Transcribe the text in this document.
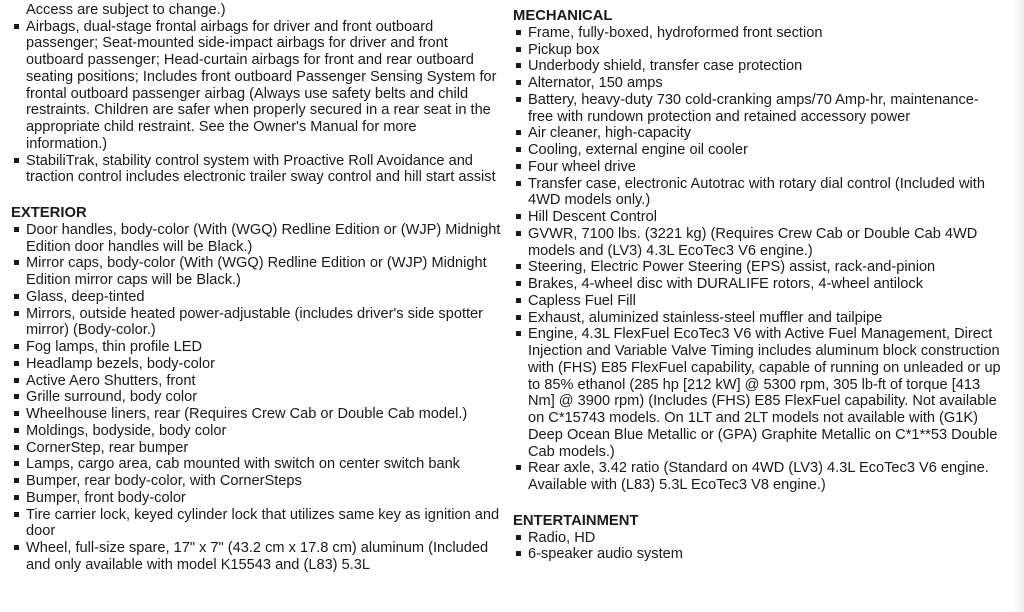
Access are subject to change.)
Airbags, dual-stage frontal airbags for driver and front outboard passenger; Seat-mounted side-impact airbags for driver and front outboard passenger; Head-curtain airbags for front and rear outboard seating positions; Includes front outboard Passenger Sensing System for frontal outboard passenger airbag (Always use safety belts and child restraints. Children are safer when properly secured in a rear seat in the appropriate child restraint. See the Owner's Manual for more information.)
StabiliTrak, stability control system with Proactive Roll Avoidance and traction control includes electronic trailer sway control and hill start assist
EXTERIOR
Door handles, body-color (With (WGQ) Redline Edition or (WJP) Midnight Edition door handles will be Black.)
Mirror caps, body-color (With (WGQ) Redline Edition or (WJP) Midnight Edition mirror caps will be Black.)
Glass, deep-tinted
Mirrors, outside heated power-adjustable (includes driver's side spotter mirror) (Body-color.)
Fog lamps, thin profile LED
Headlamp bezels, body-color
Active Aero Shutters, front
Grille surround, body color
Wheelhouse liners, rear (Requires Crew Cab or Double Cab model.)
Moldings, bodyside, body color
CornerStep, rear bumper
Lamps, cargo area, cab mounted with switch on center switch bank
Bumper, rear body-color, with CornerSteps
Bumper, front body-color
Tire carrier lock, keyed cylinder lock that utilizes same key as ignition and door
Wheel, full-size spare, 17" x 7" (43.2 cm x 17.8 cm) aluminum (Included and only available with model K15543 and (L83) 5.3L
MECHANICAL
Frame, fully-boxed, hydroformed front section
Pickup box
Underbody shield, transfer case protection
Alternator, 150 amps
Battery, heavy-duty 730 cold-cranking amps/70 Amp-hr, maintenance-free with rundown protection and retained accessory power
Air cleaner, high-capacity
Cooling, external engine oil cooler
Four wheel drive
Transfer case, electronic Autotrac with rotary dial control (Included with 4WD models only.)
Hill Descent Control
GVWR, 7100 lbs. (3221 kg) (Requires Crew Cab or Double Cab 4WD models and (LV3) 4.3L EcoTec3 V6 engine.)
Steering, Electric Power Steering (EPS) assist, rack-and-pinion
Brakes, 4-wheel disc with DURALIFE rotors, 4-wheel antilock
Capless Fuel Fill
Exhaust, aluminized stainless-steel muffler and tailpipe
Engine, 4.3L FlexFuel EcoTec3 V6 with Active Fuel Management, Direct Injection and Variable Valve Timing includes aluminum block construction with (FHS) E85 FlexFuel capability, capable of running on unleaded or up to 85% ethanol (285 hp [212 kW] @ 5300 rpm, 305 lb-ft of torque [413 Nm] @ 3900 rpm) (Includes (FHS) E85 FlexFuel capability. Not available on C*15743 models. On 1LT and 2LT models not available with (G1K) Deep Ocean Blue Metallic or (GPA) Graphite Metallic on C*1**53 Double Cab models.)
Rear axle, 3.42 ratio (Standard on 4WD (LV3) 4.3L EcoTec3 V6 engine. Available with (L83) 5.3L EcoTec3 V8 engine.)
ENTERTAINMENT
Radio, HD
6-speaker audio system
